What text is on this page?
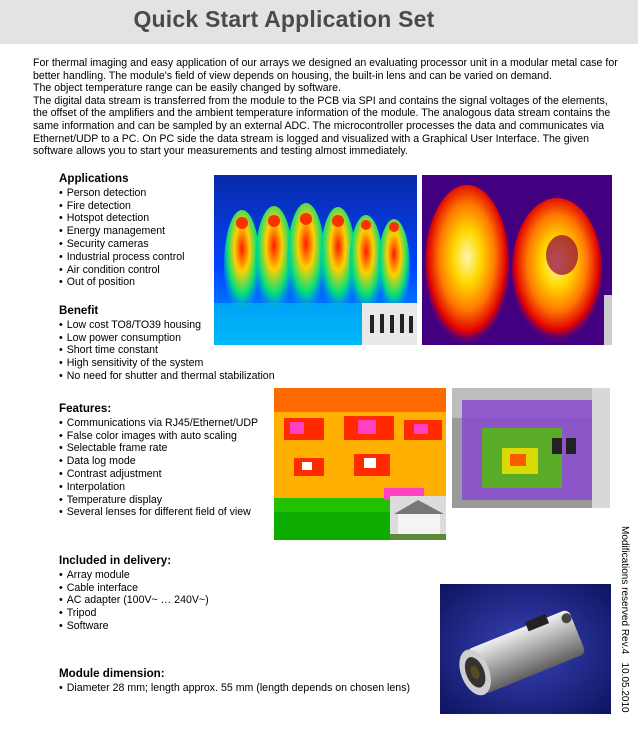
Quick Start Application Set

For thermal imaging and easy application of our arrays we designed an evaluating processor unit in a modular metal case for better handling. The module's field of view depends on housing, the built-in lens and can be varied on demand.

The object temperature range can be easily changed by software.

The digital data stream is transferred from the module to the PCB via SPI and contains the signal voltages of the elements, the offset of the amplifiers and the ambient temperature information of the module. The analogous data stream contains the same information and can be sampled by an external ADC. The microcontroller processes the data and communicates via Ethernet/UDP to a PC. On PC side the data stream is logged and visualized with a Graphical User Interface. The given software allows you to start your measurements and testing almost immediately.

Applications
• Person detection
• Fire detection
• Hotspot detection
• Energy management
• Security cameras
• Industrial process control
• Air condition control
• Out of position
Benefit
• Low cost TO8/TO39 housing
• Low power consumption
• Short time constant
• High sensitivity of the system
• No need for shutter and thermal stabilization
Features:
• Communications via RJ45/Ethernet/UDP
• False color images with auto scaling
• Selectable frame rate
• Data log mode
• Contrast adjustment
• Interpolation
• Temperature display
• Several lenses for different field of view
Included in delivery:
• Array module
• Cable interface
• AC adapter (100V~ … 240V~)
• Tripod
• Software
Module dimension:
• Diameter 28 mm; length approx. 55 mm (length depends on chosen lens)
Modifications reserved Rev.4   10.05.2010
